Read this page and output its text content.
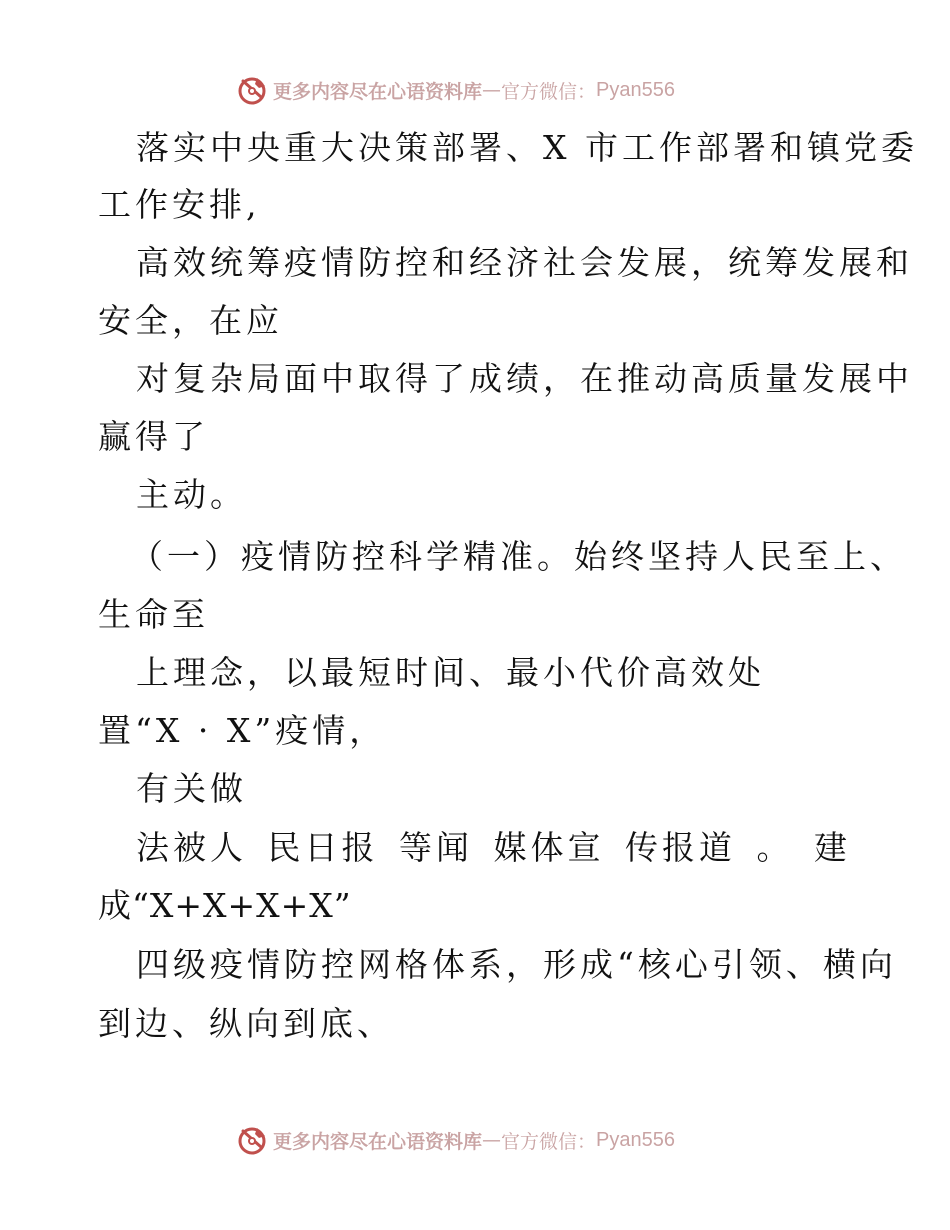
更多内容尽在心语资料库 — 官方微信： Pyan556
落实中央重大决策部署、X 市工作部署和镇党委
工作安排,
高效统筹疫情防控和经济社会发展，统筹发展和
安全，在应
对复杂局面中取得了成绩，在推动高质量发展中
赢得了
主动。
（一）疫情防控科学精准。始终坚持人民至上、
生命至
上理念，以最短时间、最小代价高效处
置“X · X”疫情，
有关做
法被人 民日报 等闻 媒体宣 传报道 。 建
成“X+X+X+X”
四级疫情防控网格体系，形成“核心引领、横向
到边、纵向到底、
更多内容尽在心语资料库 — 官方微信： Pyan556
